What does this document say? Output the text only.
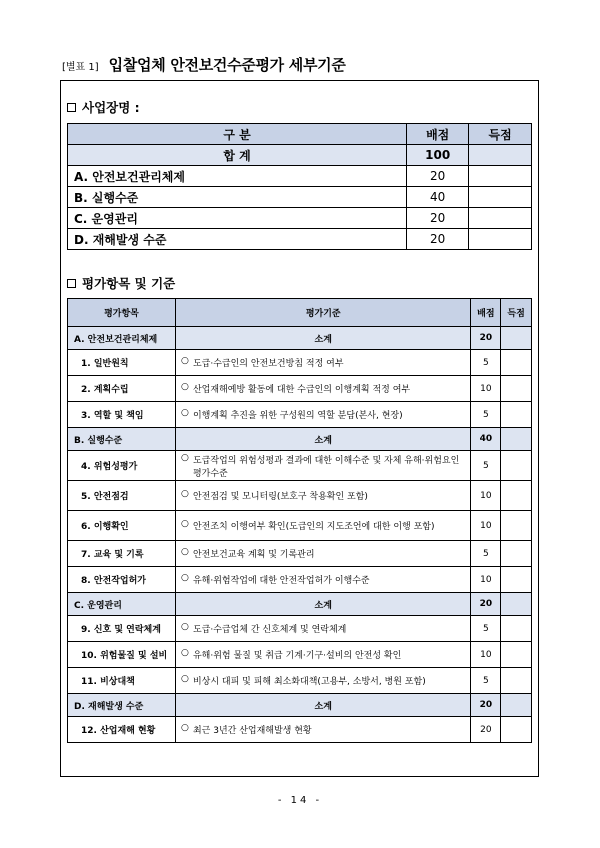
[별표 1] 입찰업체 안전보건수준평가 세부기준
사업장명 :
구 분	배점	득점
합 계	100	
A. 안전보건관리체제	20	
B. 실행수준	40	
C. 운영관리	20	
D. 재해발생 수준	20	
평가항목 및 기준
평가항목	평가기준	배점	득점
A. 안전보건관리체제	소계	20	
1. 일반원칙	○ 도급·수급인의 안전보건방침 적정 여부	5	
2. 계획수립	○ 산업재해예방 활동에 대한 수급인의 이행계획 적정 여부	10	
3. 역할 및 책임	○ 이행계획 추진을 위한 구성원의 역할 분담(본사, 현장)	5	
B. 실행수준	소계	40	
4. 위험성평가	○ 도급작업의 위험성평과 결과에 대한 이해수준 및 자체 유해·위험요인 평가수준	5	
5. 안전점검	○ 안전점검 및 모니터링(보호구 착용확인 포함)	10	
6. 이행확인	○ 안전조치 이행여부 확인(도급인의 지도조언에 대한 이행 포함)	10	
7. 교육 및 기록	○ 안전보건교육 계획 및 기록관리	5	
8. 안전작업허가	○ 유해·위험작업에 대한 안전작업허가 이행수준	10	
C. 운영관리	소계	20	
9. 신호 및 연락체계	○ 도급·수급업체 간 신호체계 및 연락체계	5	
10. 위험물질 및 설비	○ 유해·위험 물질 및 취급 기계·기구·설비의 안전성 확인	10	
11. 비상대책	○ 비상시 대피 및 피해 최소화대책(고용부, 소방서, 병원 포함)	5	
D. 재해발생 수준	소계	20	
12. 산업재해 현황	○ 최근 3년간 산업재해발생 현황	20	
- 14 -
